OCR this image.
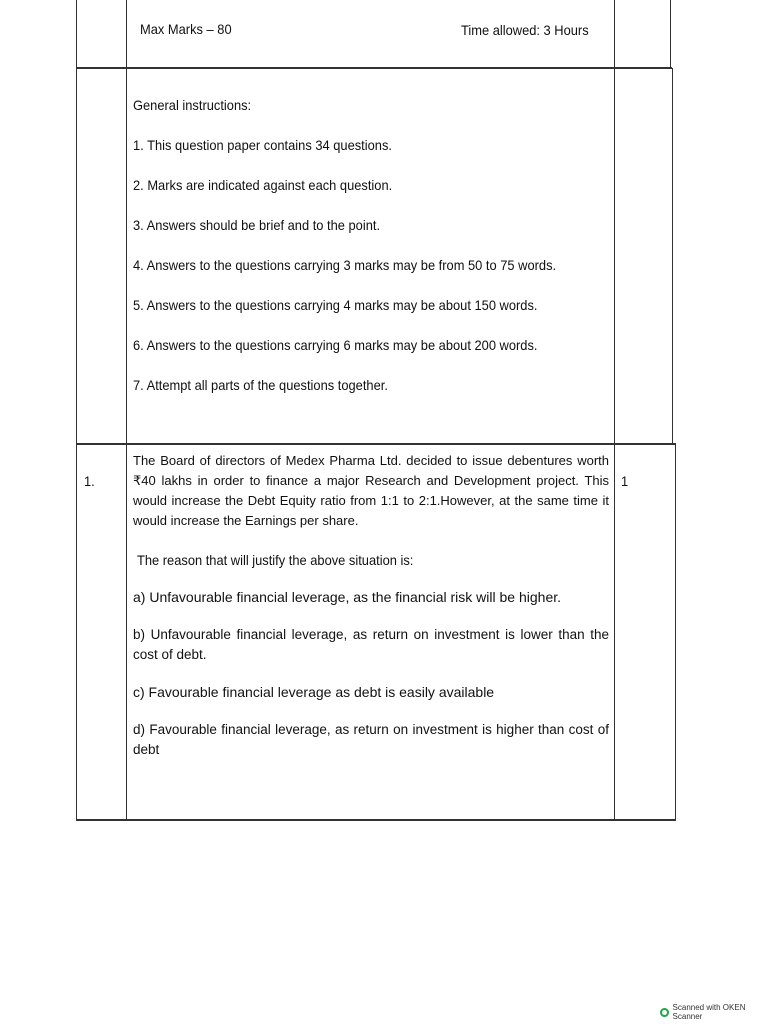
Max Marks – 80	Time allowed: 3 Hours
General instructions:
1. This question paper contains 34 questions.
2. Marks are indicated against each question.
3. Answers should be brief and to the point.
4. Answers to the questions carrying 3 marks may be from 50 to 75 words.
5. Answers to the questions carrying 4 marks may be about 150 words.
6. Answers to the questions carrying 6 marks may be about 200 words.
7. Attempt all parts of the questions together.
1.	1

The Board of directors of Medex Pharma Ltd. decided to issue debentures worth ₹40 lakhs in order to finance a major Research and Development project. This would increase the Debt Equity ratio from 1:1 to 2:1.However, at the same time it would increase the Earnings per share.

The reason that will justify the above situation is:

a) Unfavourable financial leverage, as the financial risk will be higher.

b) Unfavourable financial leverage, as return on investment is lower than the cost of debt.

c) Favourable financial leverage as debt is easily available

d) Favourable financial leverage, as return on investment is higher than cost of debt

Scanned with OKEN Scanner
